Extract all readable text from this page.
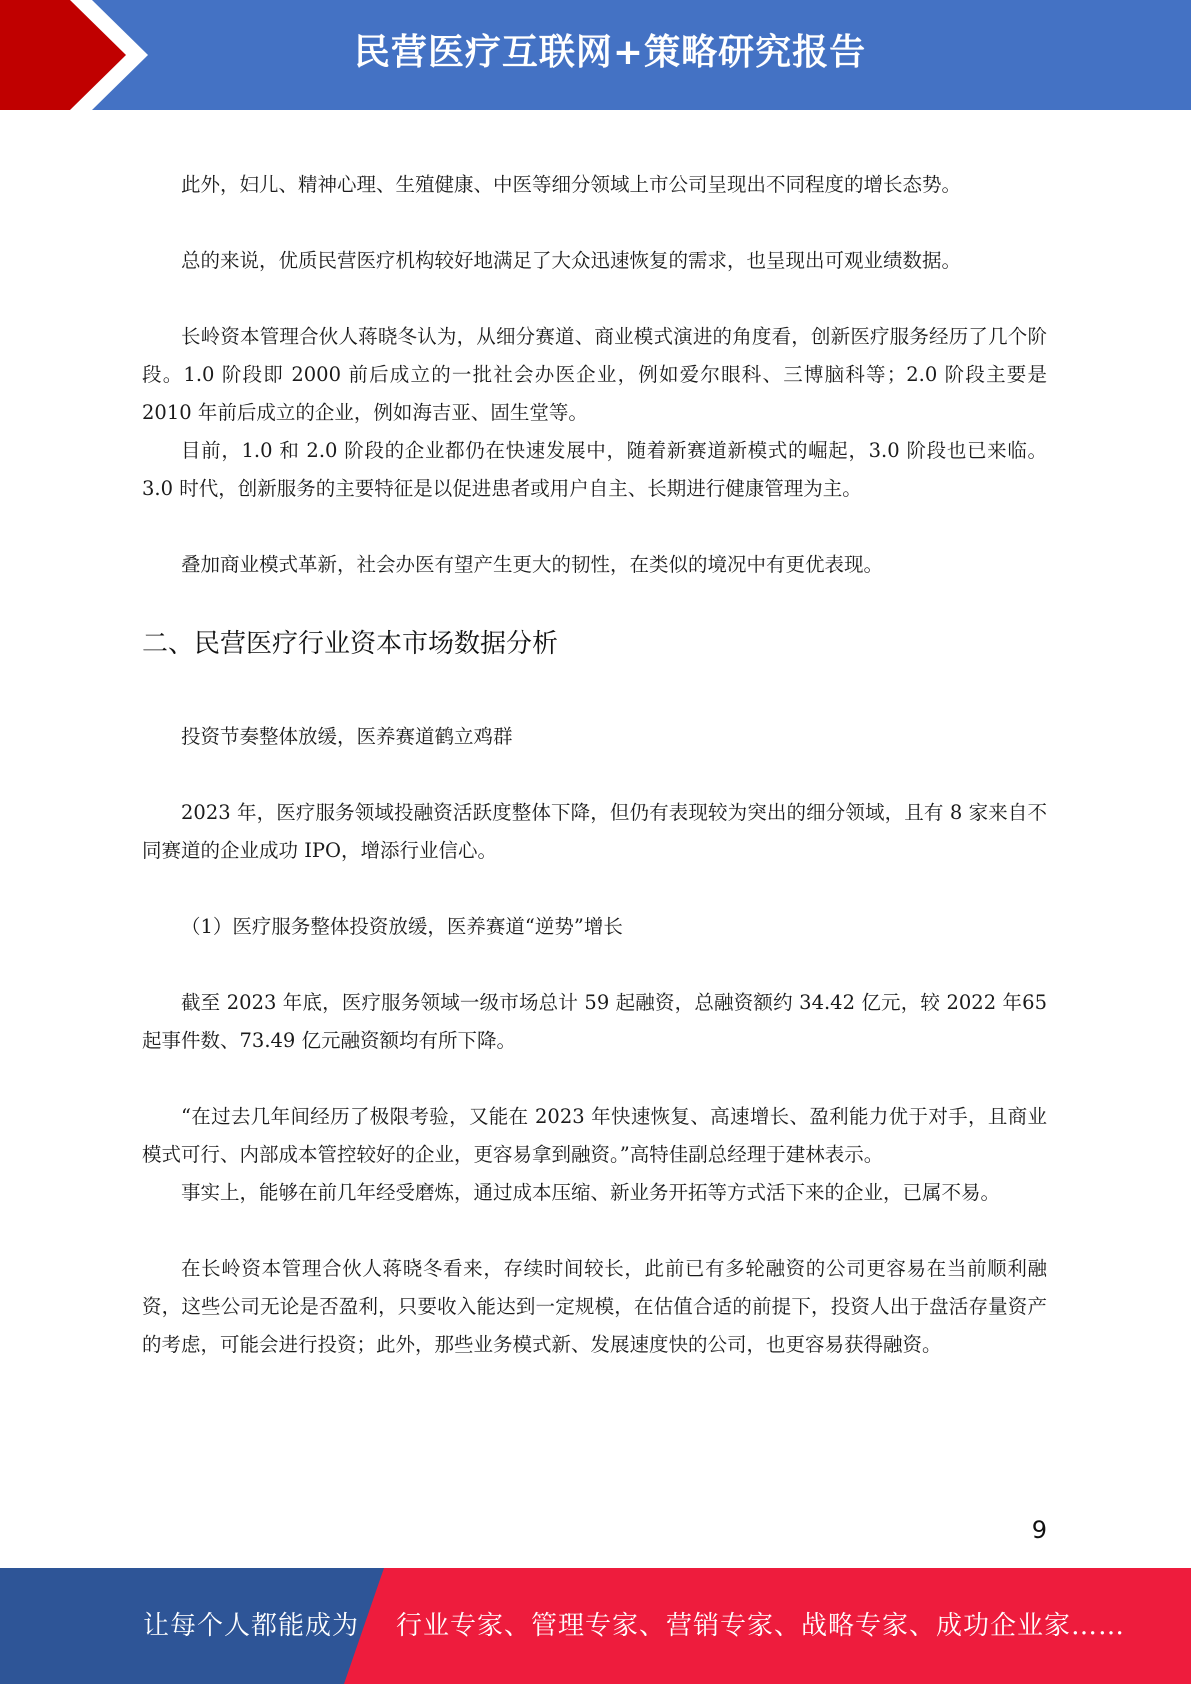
民营医疗互联网+策略研究报告

此外，妇儿、精神心理、生殖健康、中医等细分领域上市公司呈现出不同程度的增长态势。

总的来说，优质民营医疗机构较好地满足了大众迅速恢复的需求，也呈现出可观业绩数据。

长岭资本管理合伙人蒋晓冬认为，从细分赛道、商业模式演进的角度看，创新医疗服务经历了几个阶段。1.0 阶段即 2000 前后成立的一批社会办医企业，例如爱尔眼科、三博脑科等；2.0 阶段主要是 2010 年前后成立的企业，例如海吉亚、固生堂等。

目前，1.0 和 2.0 阶段的企业都仍在快速发展中，随着新赛道新模式的崛起，3.0 阶段也已来临。3.0 时代，创新服务的主要特征是以促进患者或用户自主、长期进行健康管理为主。

叠加商业模式革新，社会办医有望产生更大的韧性，在类似的境况中有更优表现。

二、民营医疗行业资本市场数据分析

投资节奏整体放缓，医养赛道鹤立鸡群

2023 年，医疗服务领域投融资活跃度整体下降，但仍有表现较为突出的细分领域，且有 8 家来自不同赛道的企业成功 IPO，增添行业信心。

（1）医疗服务整体投资放缓，医养赛道“逆势”增长

截至 2023 年底，医疗服务领域一级市场总计 59 起融资，总融资额约 34.42 亿元，较 2022 年65 起事件数、73.49 亿元融资额均有所下降。

“在过去几年间经历了极限考验，又能在 2023 年快速恢复、高速增长、盈利能力优于对手，且商业模式可行、内部成本管控较好的企业，更容易拿到融资。”高特佳副总经理于建林表示。

事实上，能够在前几年经受磨炼，通过成本压缩、新业务开拓等方式活下来的企业，已属不易。

在长岭资本管理合伙人蒋晓冬看来，存续时间较长，此前已有多轮融资的公司更容易在当前顺利融资，这些公司无论是否盈利，只要收入能达到一定规模，在估值合适的前提下，投资人出于盘活存量资产的考虑，可能会进行投资；此外，那些业务模式新、发展速度快的公司，也更容易获得融资。

9
让每个人都能成为 行业专家、管理专家、营销专家、战略专家、成功企业家……
